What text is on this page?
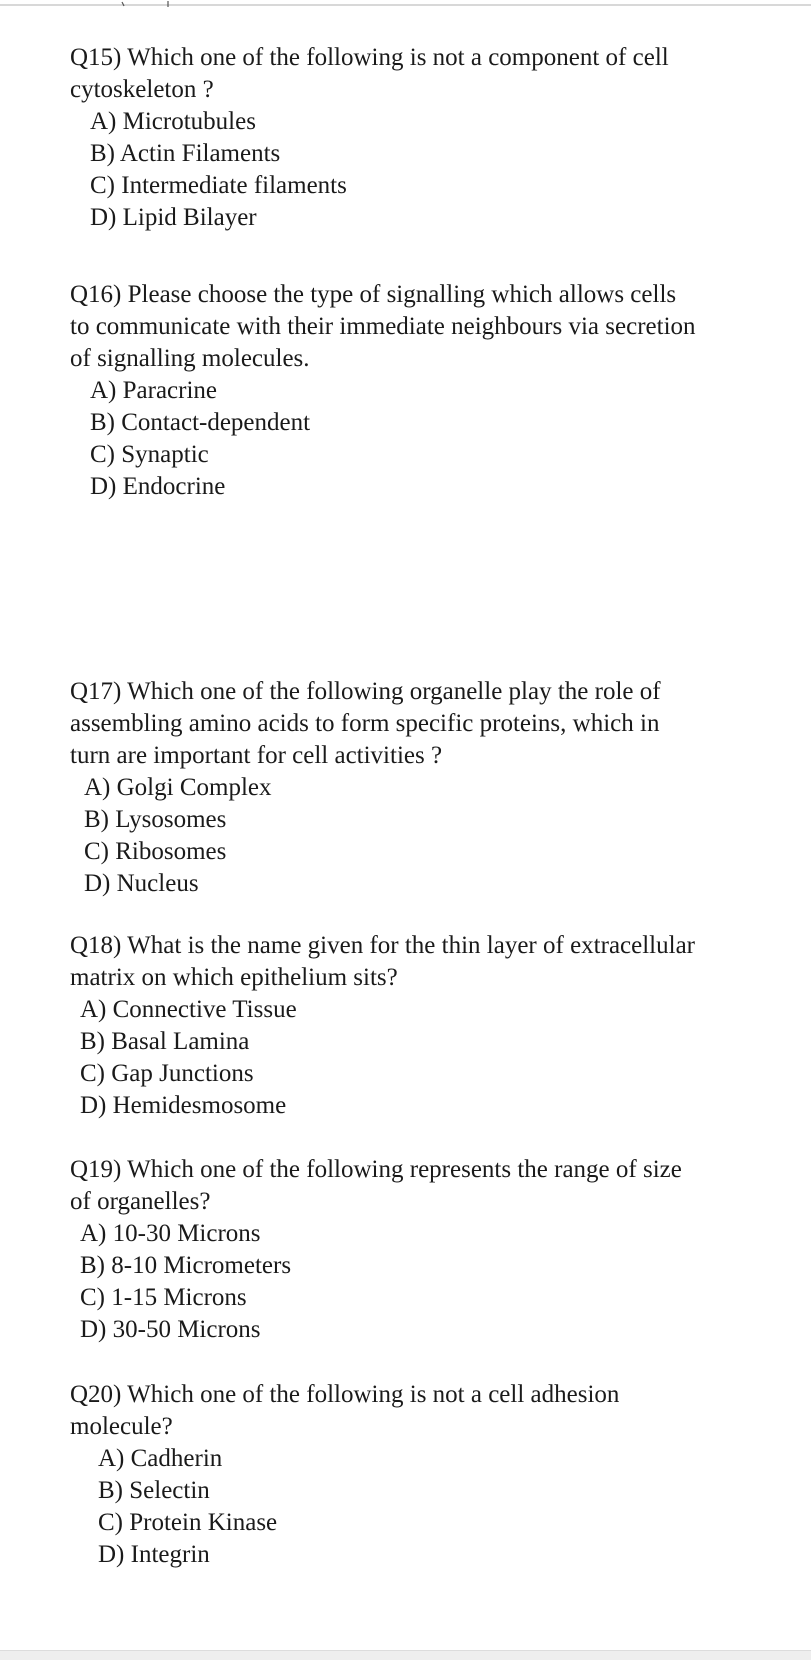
Q15) Which one of the following is not a component of cell
cytoskeleton ?

A) Microtubules
B) Actin Filaments
C) Intermediate filaments
D) Lipid Bilayer

Q16) Please choose the type of signalling which allows cells
to communicate with their immediate neighbours via secretion
of signalling molecules.

A) Paracrine
B) Contact-dependent
C) Synaptic
D) Endocrine

Q17) Which one of the following organelle play the role of
assembling amino acids to form specific proteins, which in
turn are important for cell activities ?

A) Golgi Complex
B) Lysosomes
C) Ribosomes
D) Nucleus

Q18) What is the name given for the thin layer of extracellular
matrix on which epithelium sits?

A) Connective Tissue
B) Basal Lamina
C) Gap Junctions
D) Hemidesmosome

Q19) Which one of the following represents the range of size
of organelles?

A) 10-30 Microns
B) 8-10 Micrometers
C) 1-15 Microns
D) 30-50 Microns

Q20) Which one of the following is not a cell adhesion
molecule?

A) Cadherin
B) Selectin
C) Protein Kinase
D) Integrin
